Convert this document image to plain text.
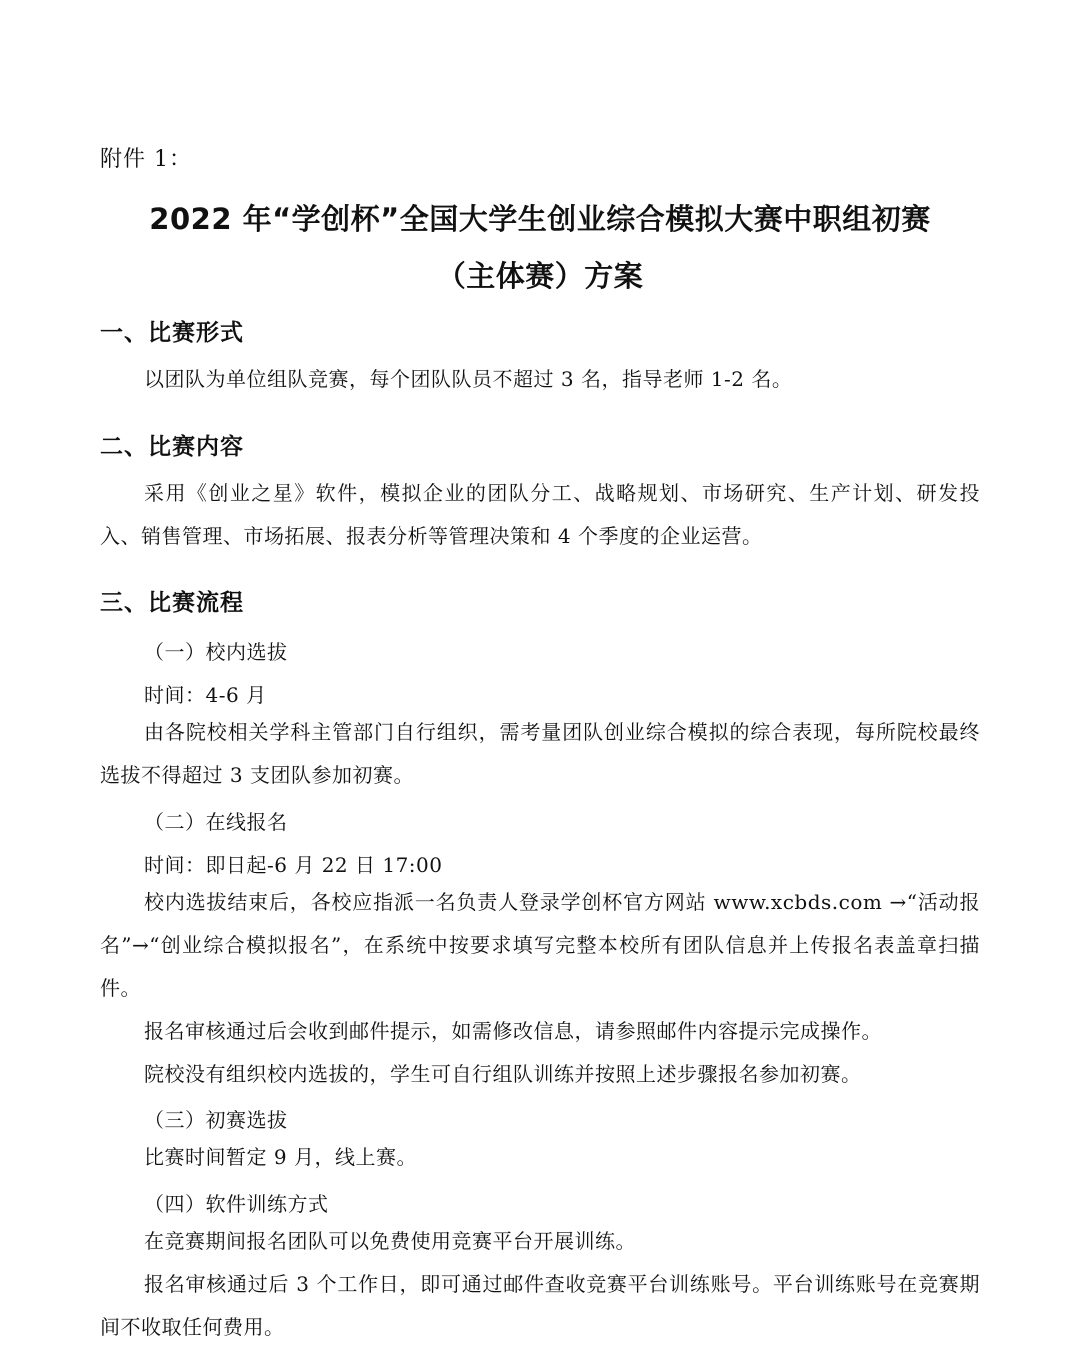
附件 1：
2022 年“学创杯”全国大学生创业综合模拟大赛中职组初赛
（主体赛）方案
一、比赛形式
以团队为单位组队竞赛，每个团队队员不超过 3 名，指导老师 1-2 名。
二、比赛内容
采用《创业之星》软件，模拟企业的团队分工、战略规划、市场研究、生产计划、研发投入、销售管理、市场拓展、报表分析等管理决策和 4 个季度的企业运营。
三、比赛流程
（一）校内选拔
时间：4-6 月
由各院校相关学科主管部门自行组织，需考量团队创业综合模拟的综合表现，每所院校最终选拔不得超过 3 支团队参加初赛。
（二）在线报名
时间：即日起-6 月 22 日 17:00
校内选拔结束后，各校应指派一名负责人登录学创杯官方网站 www.xcbds.com →“活动报名”→“创业综合模拟报名”，在系统中按要求填写完整本校所有团队信息并上传报名表盖章扫描件。
报名审核通过后会收到邮件提示，如需修改信息，请参照邮件内容提示完成操作。
院校没有组织校内选拔的，学生可自行组队训练并按照上述步骤报名参加初赛。
（三）初赛选拔
比赛时间暂定 9 月，线上赛。
（四）软件训练方式
在竞赛期间报名团队可以免费使用竞赛平台开展训练。
报名审核通过后 3 个工作日，即可通过邮件查收竞赛平台训练账号。平台训练账号在竞赛期间不收取任何费用。
